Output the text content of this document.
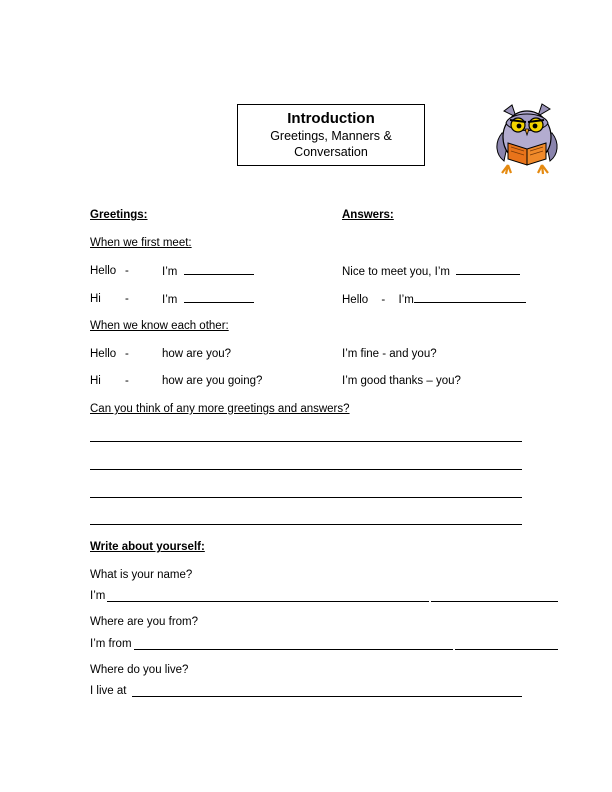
Introduction
Greetings, Manners & Conversation
Greetings:	Answers:
When we first meet:
Hello -	I’m	Nice to meet you, I’m
Hi -	I’m	Hello - I’m
When we know each other:
Hello -	how are you?	I’m fine - and you?
Hi -	how are you going?	I’m good thanks – you?
Can you think of any more greetings and answers?
Write about yourself:
What is your name?
I’m
Where are you from?
I’m from
Where do you live?
I live at
